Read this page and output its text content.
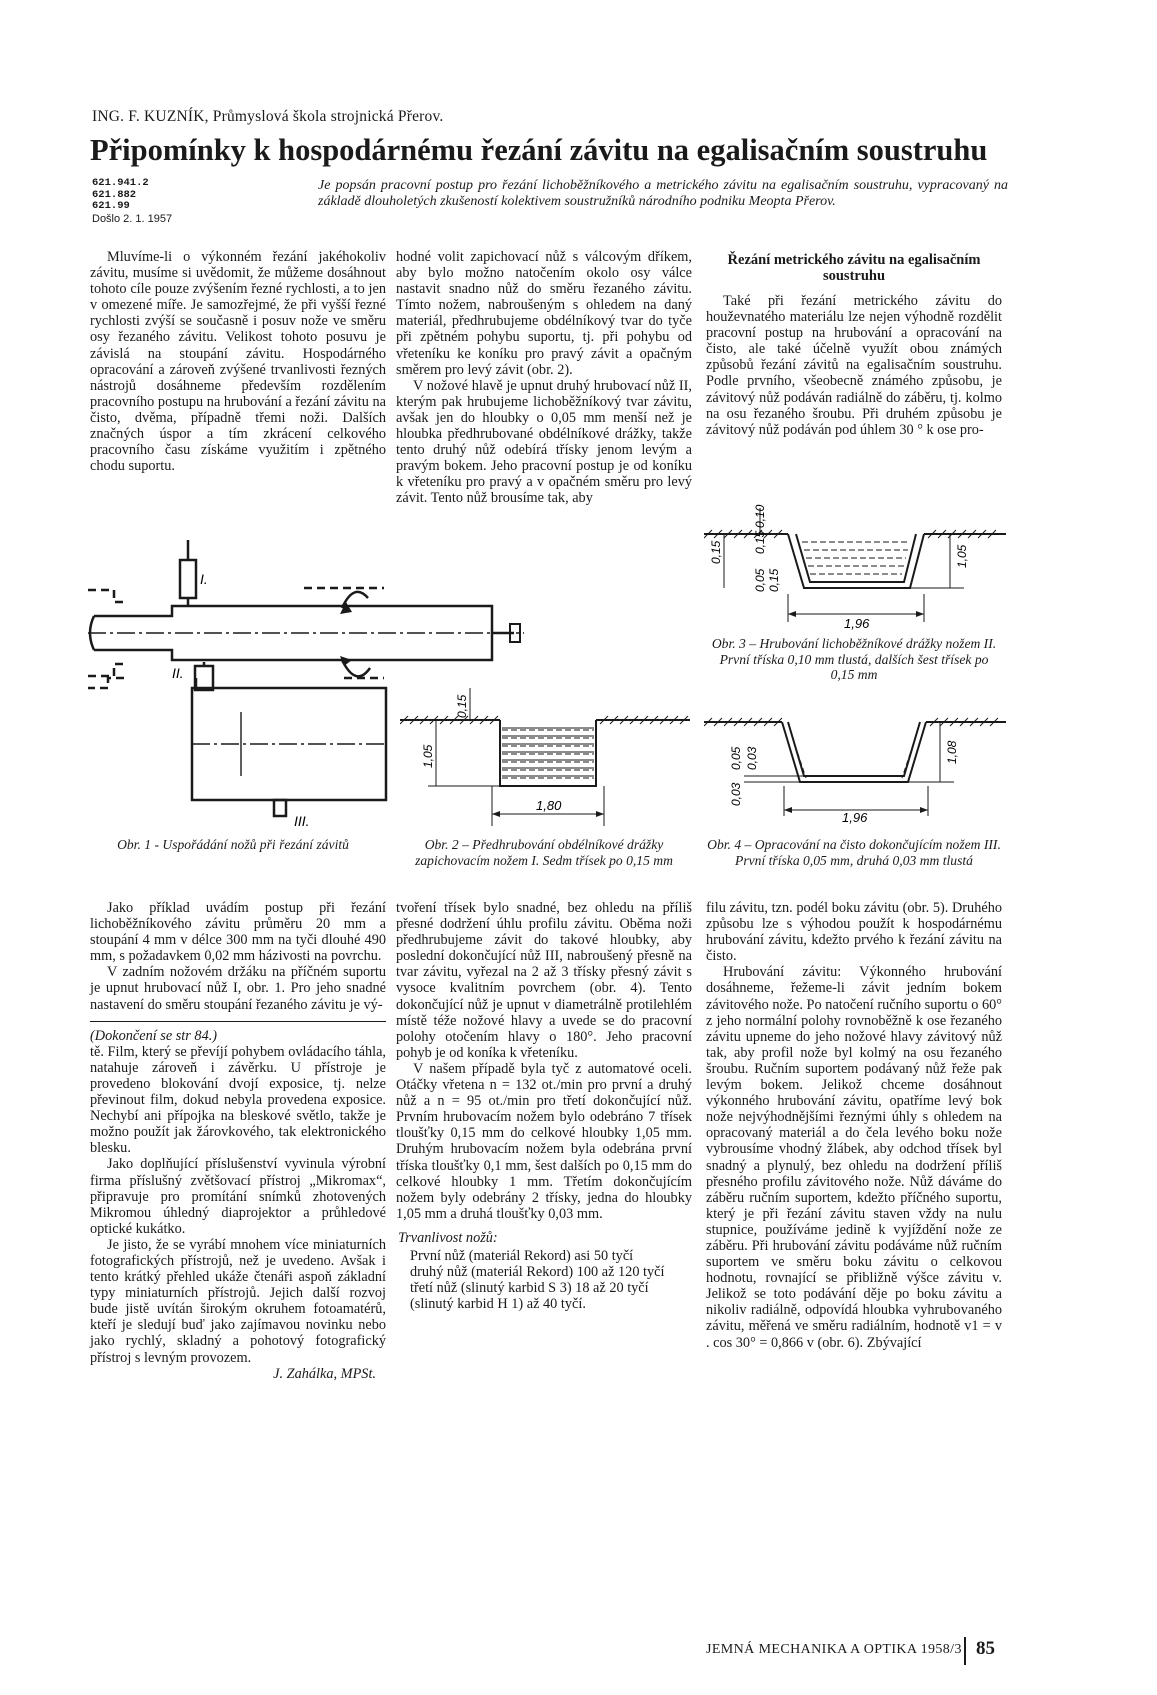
ING. F. KUZNÍK, Průmyslová škola strojnická Přerov.
Připomínky k hospodárnému řezání závitu na egalisačním soustruhu
621.941.2
621.882
621.99
Došlo 2. 1. 1957
Je popsán pracovní postup pro řezání lichoběžníkového a metrického závitu na egalisačním soustruhu, vypracovaný na základě dlouholetých zkušeností kolektivem soustružníků národního podniku Meopta Přerov.

Mluvíme-li o výkonném řezání jakéhokoliv závitu, musíme si uvědomit, že můžeme dosáhnout tohoto cíle pouze zvýšením řezné rychlosti, a to jen v omezené míře. Je samozřejmé, že při vyšší řezné rychlosti zvýší se současně i posuv nože ve směru osy řezaného závitu. Velikost tohoto posuvu je závislá na stoupání závitu. Hospodárného opracování a zároveň zvýšené trvanlivosti řezných nástrojů dosáhneme především rozdělením pracovního postupu na hrubování a řezání závitu na čisto, dvěma, případně třemi noži. Dalších značných úspor a tím zkrácení celkového pracovního času získáme využitím i zpětného chodu suportu.

hodné volit zapichovací nůž s válcovým dříkem, aby bylo možno natočením okolo osy válce nastavit snadno nůž do směru řezaného závitu. Tímto nožem, nabroušeným s ohledem na daný materiál, předhrubujeme obdélníkový tvar do tyče při zpětném pohybu suportu, tj. při pohybu od vřeteníku ke koníku pro pravý závit a opačným směrem pro levý závit (obr. 2).

V nožové hlavě je upnut druhý hrubovací nůž II, kterým pak hrubujeme lichoběžníkový tvar závitu, avšak jen do hloubky o 0,05 mm menší než je hloubka předhrubované obdélníkové drážky, takže tento druhý nůž odebírá třísky jenom levým a pravým bokem. Jeho pracovní postup je od koníku k vřeteníku pro pravý a v opačném směru pro levý závit. Tento nůž brousíme tak, aby

Řezání metrického závitu na egalisačním soustruhu

Také při řezání metrického závitu do houževnatého materiálu lze nejen výhodně rozdělit pracovní postup na hrubování a opracování na čisto, ale také účelně využít obou známých způsobů řezání závitů na egalisačním soustruhu. Podle prvního, všeobecně známého způsobu, je závitový nůž podáván radiálně do záběru, tj. kolmo na osu řezaného šroubu. Při druhém způsobu je závitový nůž podáván pod úhlem 30 ° k ose pro-

I.
II.
III.
Obr. 1 - Uspořádání nožů při řezání závitů
0,15
1,05
1,80
Obr. 2 – Předhrubování obdélníkové drážky zapichovacím nožem I. Sedm třísek po 0,15 mm
0,10
0,15
0,15	1,05
0,05 0,15
1,96
Obr. 3 – Hrubování lichoběžníkové drážky nožem II. První tříska 0,10 mm tlustá, dalších šest třísek po 0,15 mm
0,05 0,03
0,03
1,08
1,96
Obr. 4 – Opracování na čisto dokončujícím nožem III. První tříska 0,05 mm, druhá 0,03 mm tlustá

Jako příklad uvádím postup při řezání lichoběžníkového závitu průměru 20 mm a stoupání 4 mm v délce 300 mm na tyči dlouhé 490 mm, s požadavkem 0,02 mm házivosti na povrchu.

V zadním nožovém držáku na příčném suportu je upnut hrubovací nůž I, obr. 1. Pro jeho snadné nastavení do směru stoupání řezaného závitu je vý-

(Dokončení se str 84.)

tě. Film, který se převíjí pohybem ovládacího táhla, natahuje zároveň i závěrku. U přístroje je provedeno blokování dvojí exposice, tj. nelze převinout film, dokud nebyla provedena exposice. Nechybí ani přípojka na bleskové světlo, takže je možno použít jak žárovkového, tak elektronického blesku.

Jako doplňující příslušenství vyvinula výrobní firma příslušný zvětšovací přístroj „Mikromax“, připravuje pro promítání snímků zhotovených Mikromou úhledný diaprojektor a průhledové optické kukátko.

Je jisto, že se vyrábí mnohem více miniaturních fotografických přístrojů, než je uvedeno. Avšak i tento krátký přehled ukáže čtenáři aspoň základní typy miniaturních přístrojů. Jejich další rozvoj bude jistě uvítán širokým okruhem fotoamatérů, kteří je sledují buď jako zajímavou novinku nebo jako rychlý, skladný a pohotový fotografický přístroj s levným provozem.

J. Zahálka, MPSt.

tvoření třísek bylo snadné, bez ohledu na příliš přesné dodržení úhlu profilu závitu. Oběma noži předhrubujeme závit do takové hloubky, aby poslední dokončující nůž III, nabroušený přesně na tvar závitu, vyřezal na 2 až 3 třísky přesný závit s vysoce kvalitním povrchem (obr. 4). Tento dokončující nůž je upnut v diametrálně protilehlém místě téže nožové hlavy a uvede se do pracovní polohy otočením hlavy o 180°. Jeho pracovní pohyb je od koníka k vřeteníku.

V našem případě byla tyč z automatové oceli. Otáčky vřetena n = 132 ot./min pro první a druhý nůž a n = 95 ot./min pro třetí dokončující nůž. Prvním hrubovacím nožem bylo odebráno 7 třísek tloušťky 0,15 mm do celkové hloubky 1,05 mm. Druhým hrubovacím nožem byla odebrána první tříska tloušťky 0,1 mm, šest dalších po 0,15 mm do celkové hloubky 1 mm. Třetím dokončujícím nožem byly odebrány 2 třísky, jedna do hloubky 1,05 mm a druhá tloušťky 0,03 mm.

Trvanlivost nožů:

První nůž (materiál Rekord) asi 50 tyčí

druhý nůž (materiál Rekord) 100 až 120 tyčí

třetí nůž (slinutý karbid S 3) 18 až 20 tyčí

(slinutý karbid H 1) až 40 tyčí.

filu závitu, tzn. podél boku závitu (obr. 5). Druhého způsobu lze s výhodou použít k hospodárnému hrubování závitu, kdežto prvého k řezání závitu na čisto.

Hrubování závitu: Výkonného hrubování dosáhneme, řežeme-li závit jedním bokem závitového nože. Po natočení ručního suportu o 60° z jeho normální polohy rovnoběžně k ose řezaného závitu upneme do jeho nožové hlavy závitový nůž tak, aby profil nože byl kolmý na osu řezaného šroubu. Ručním suportem podávaný nůž řeže pak levým bokem. Jelikož chceme dosáhnout výkonného hrubování závitu, opatříme levý bok nože nejvýhodnějšími řeznými úhly s ohledem na opracovaný materiál a do čela levého boku nože vybrousíme vhodný žlábek, aby odchod třísek byl snadný a plynulý, bez ohledu na dodržení příliš přesného profilu závitového nože. Nůž dáváme do záběru ručním suportem, kdežto příčného suportu, který je při řezání závitu staven vždy na nulu stupnice, používáme jedině k vyjíždění nože ze záběru. Při hrubování závitu podáváme nůž ručním suportem ve směru boku závitu o celkovou hodnotu, rovnající se přibližně výšce závitu v. Jelikož se toto podávání děje po boku závitu a nikoliv radiálně, odpovídá hloubka vyhrubovaného závitu, měřená ve směru radiálním, hodnotě v1 = v . cos 30° = 0,866 v (obr. 6). Zbývající

JEMNÁ MECHANIKA A OPTIKA 1958/3 85
